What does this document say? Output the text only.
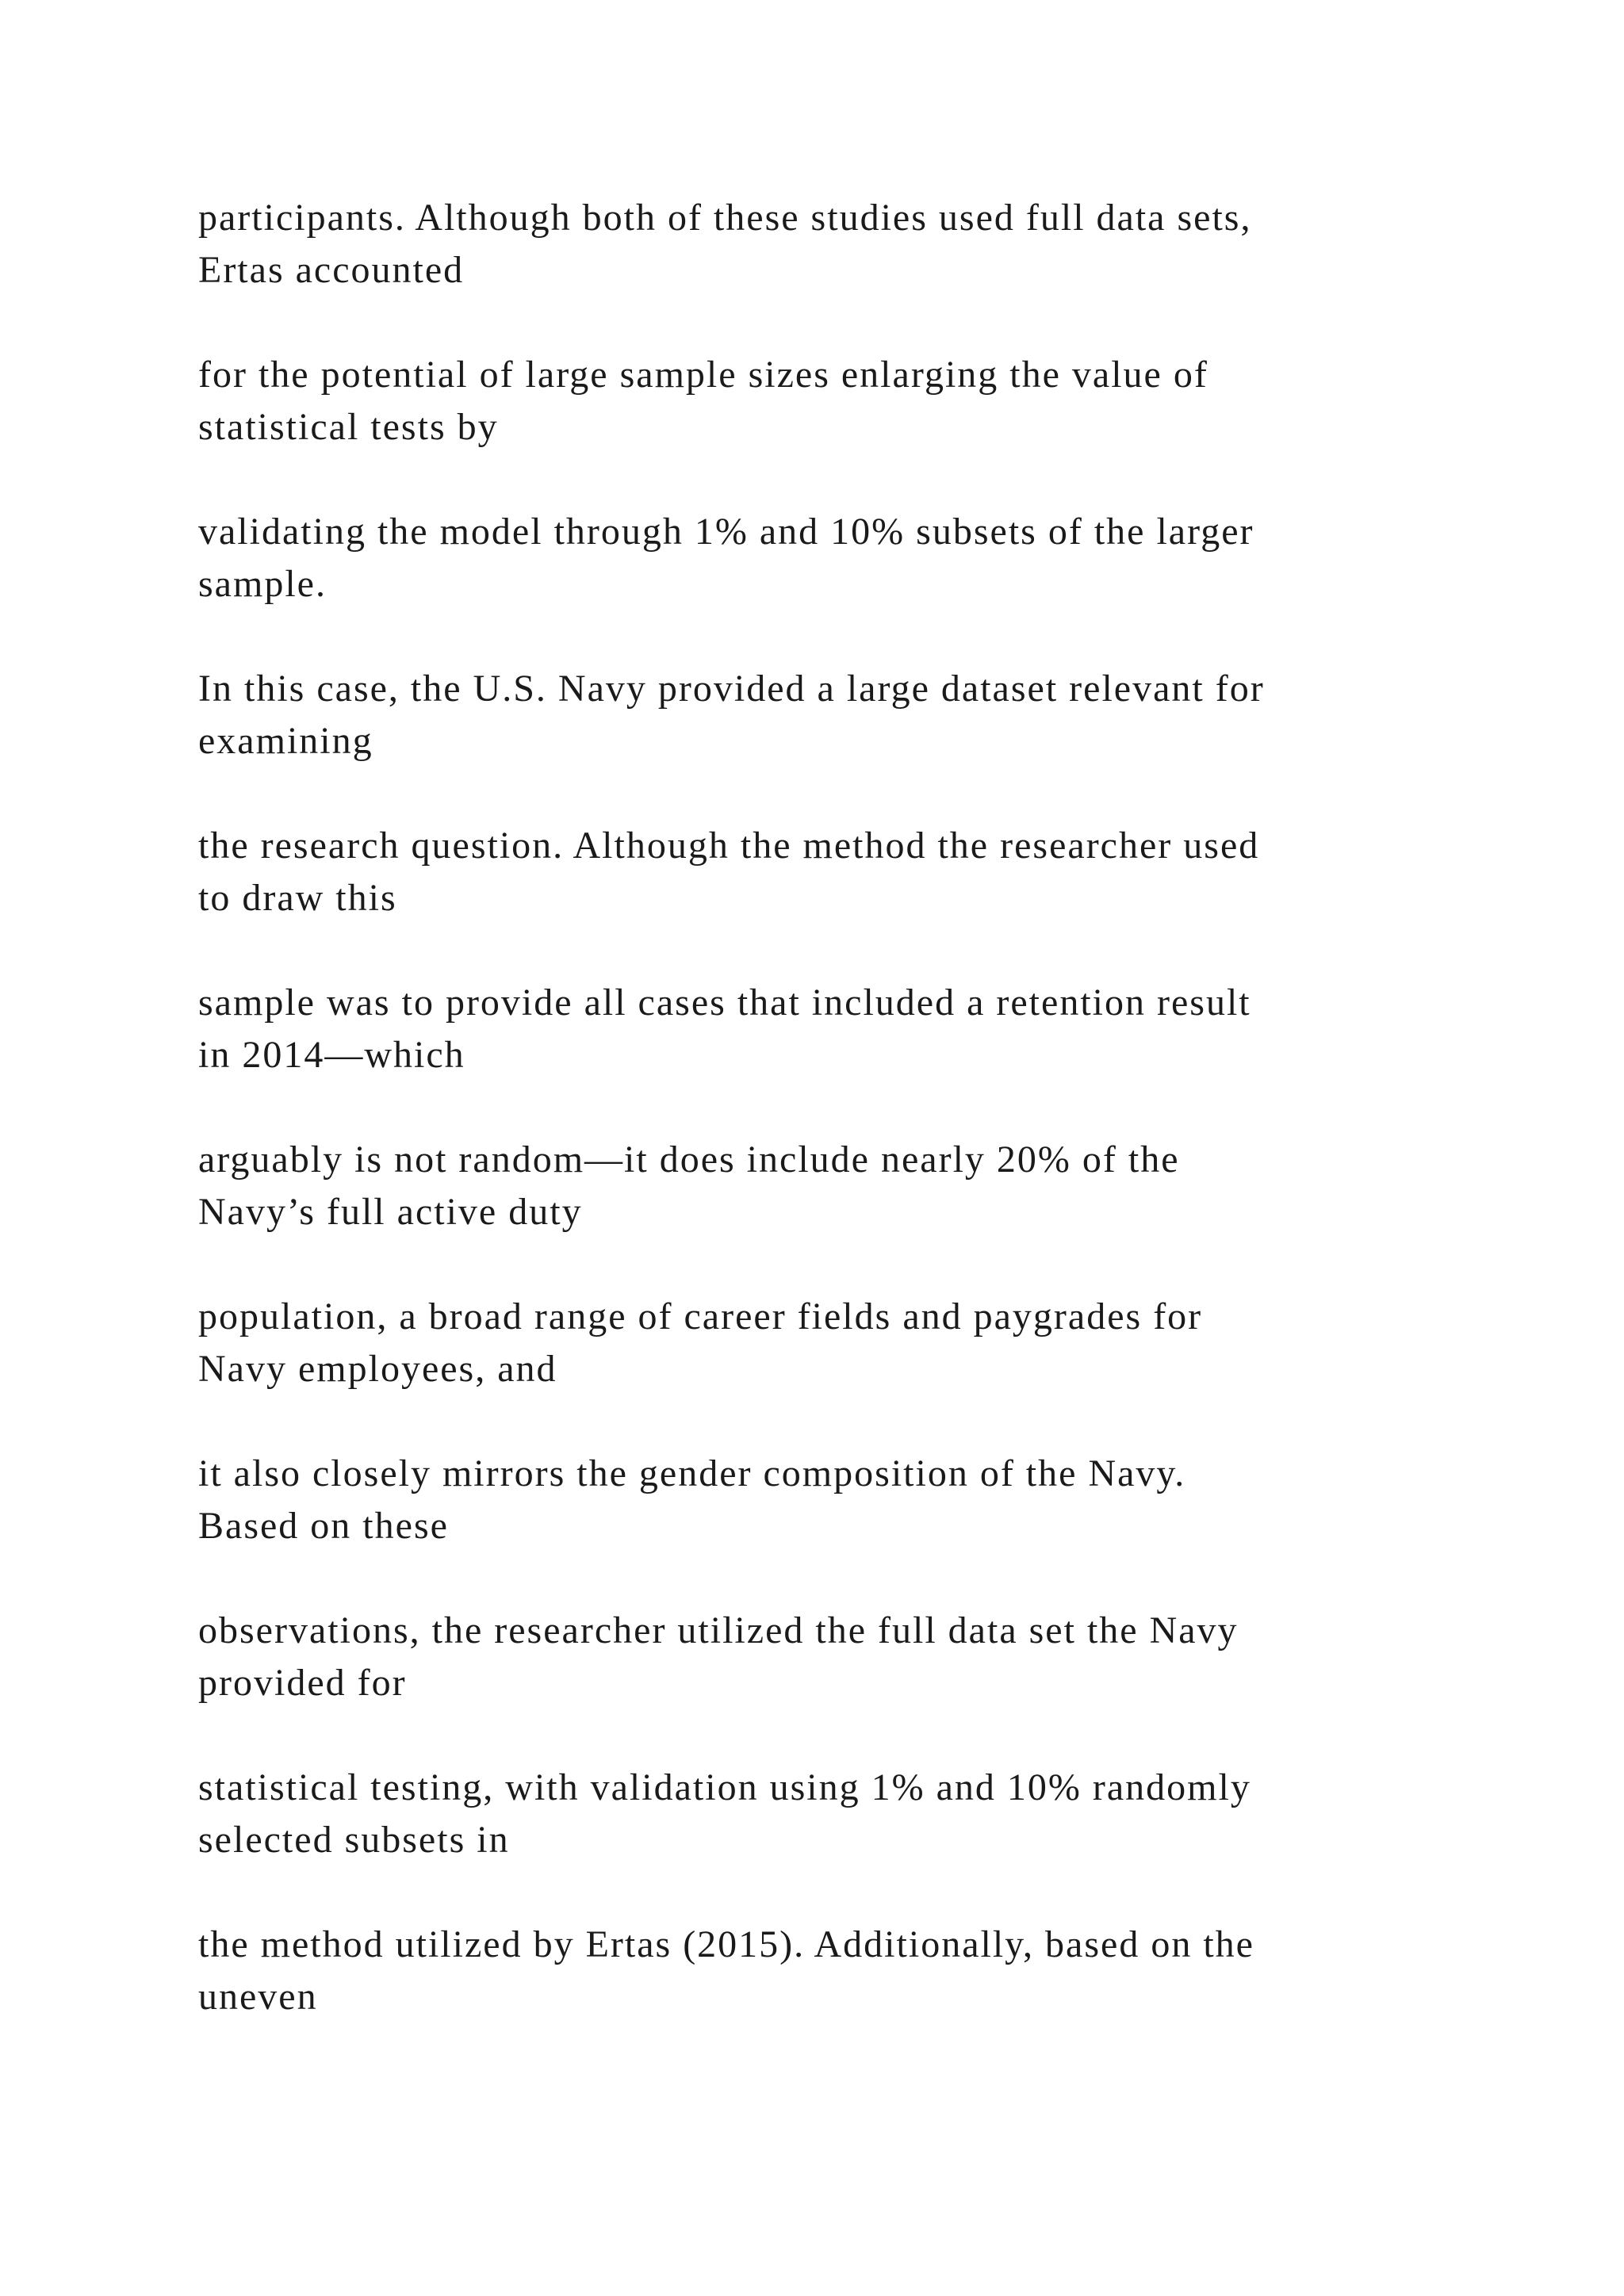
participants. Although both of these studies used full data sets,
Ertas accounted

for the potential of large sample sizes enlarging the value of
statistical tests by

validating the model through 1% and 10% subsets of the larger
sample.

In this case, the U.S. Navy provided a large dataset relevant for
examining

the research question. Although the method the researcher used
to draw this

sample was to provide all cases that included a retention result
in 2014—which

arguably is not random—it does include nearly 20% of the
Navy’s full active duty

population, a broad range of career fields and paygrades for
Navy employees, and

it also closely mirrors the gender composition of the Navy.
Based on these

observations, the researcher utilized the full data set the Navy
provided for

statistical testing, with validation using 1% and 10% randomly
selected subsets in

the method utilized by Ertas (2015). Additionally, based on the
uneven
